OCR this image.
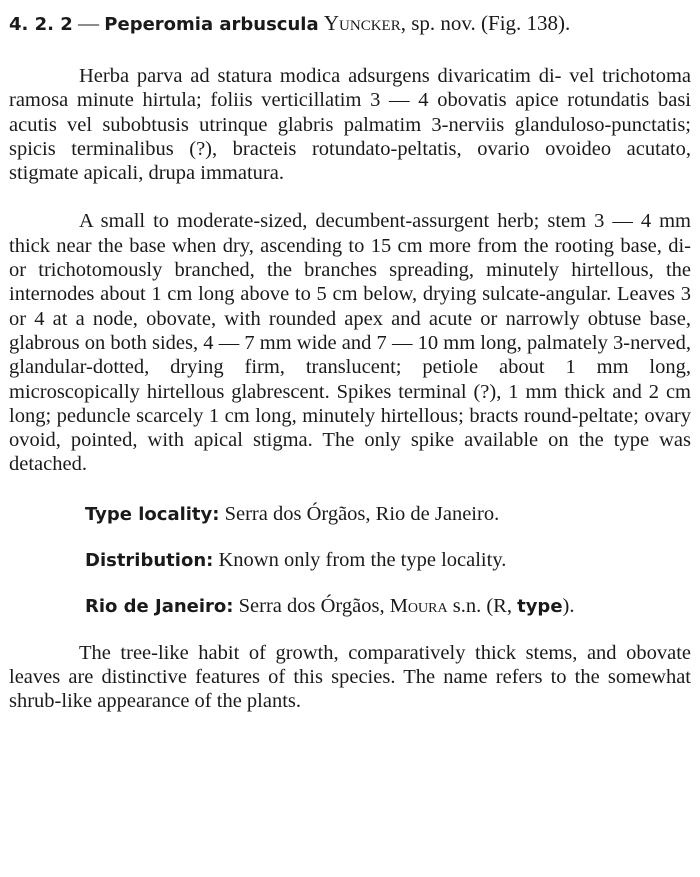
4. 2. 2 — Peperomia arbuscula Yuncker, sp. nov. (Fig. 138).

Herba parva ad statura modica adsurgens divaricatim di- vel trichotoma ramosa minute hirtula; foliis verticillatim 3 — 4 obovatis apice rotundatis basi acutis vel subobtusis utrinque glabris palmatim 3-nerviis glanduloso-punctatis; spicis terminalibus (?), bracteis rotundato-peltatis, ovario ovoideo acutato, stigmate apicali, drupa immatura.

A small to moderate-sized, decumbent-assurgent herb; stem 3 — 4 mm thick near the base when dry, ascending to 15 cm more from the rooting base, di- or trichotomously branched, the branches spreading, minutely hirtellous, the internodes about 1 cm long above to 5 cm below, drying sulcate-angular. Leaves 3 or 4 at a node, obovate, with rounded apex and acute or narrowly obtuse base, glabrous on both sides, 4 — 7 mm wide and 7 — 10 mm long, palmately 3-nerved, glandular-dotted, drying firm, translucent; petiole about 1 mm long, microscopically hirtellous glabrescent. Spikes terminal (?), 1 mm thick and 2 cm long; peduncle scarcely 1 cm long, minutely hirtellous; bracts round-peltate; ovary ovoid, pointed, with apical stigma. The only spike available on the type was detached.

Type locality: Serra dos Órgãos, Rio de Janeiro.

Distribution: Known only from the type locality.

Rio de Janeiro: Serra dos Órgãos, Moura s.n. (R, type).

The tree-like habit of growth, comparatively thick stems, and obovate leaves are distinctive features of this species. The name refers to the somewhat shrub-like appearance of the plants.
